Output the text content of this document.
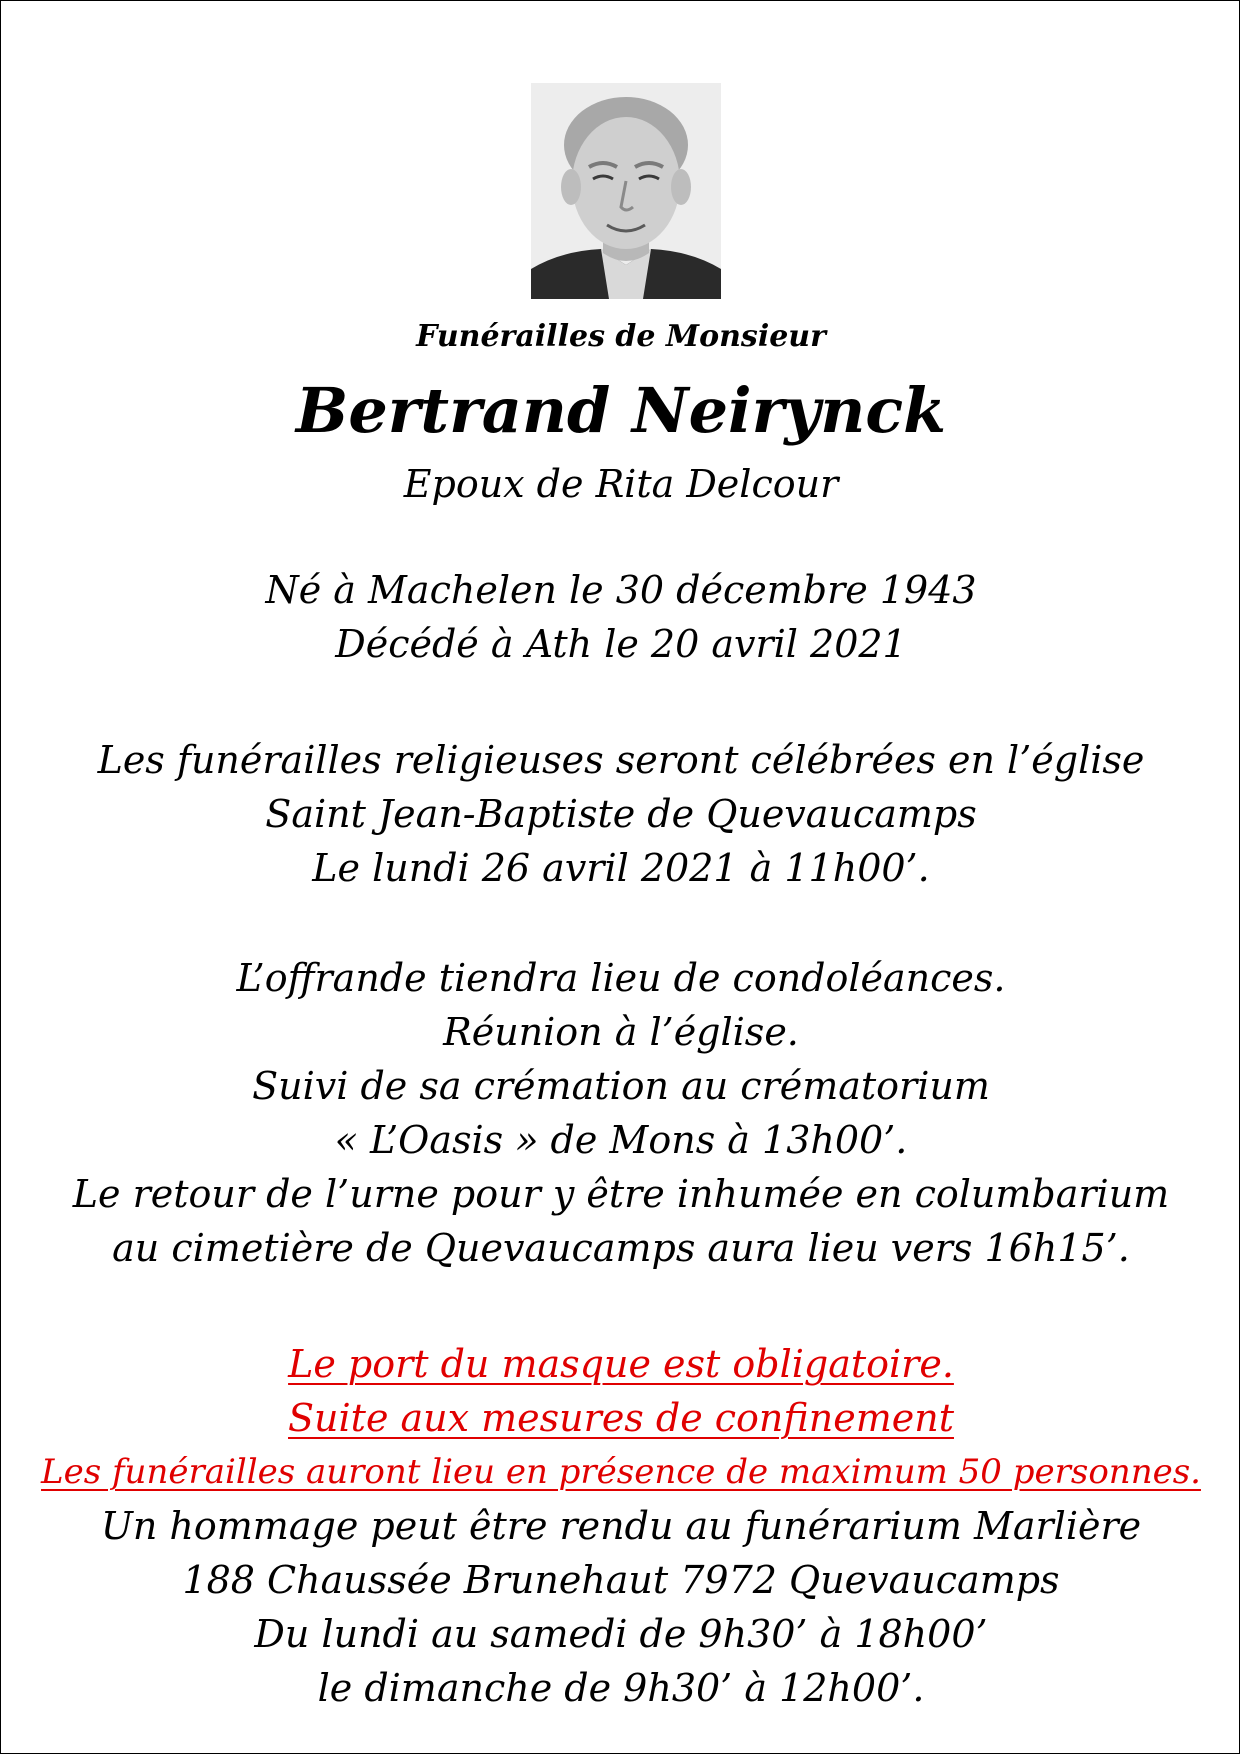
Funérailles de Monsieur
Bertrand Neirynck
Epoux de Rita Delcour
Né à Machelen le 30 décembre 1943
Décédé à Ath le 20 avril 2021
Les funérailles religieuses seront célébrées en l’église
Saint Jean-Baptiste de Quevaucamps
Le lundi 26 avril 2021 à 11h00’.
L’offrande tiendra lieu de condoléances.
Réunion à l’église.
Suivi de sa crémation au crématorium
« L’Oasis » de Mons à 13h00’.
Le retour de l’urne pour y être inhumée en columbarium
au cimetière de Quevaucamps aura lieu vers 16h15’.
Le port du masque est obligatoire.
Suite aux mesures de confinement
Les funérailles auront lieu en présence de maximum 50 personnes.
Un hommage peut être rendu au funérarium Marlière
188 Chaussée Brunehaut 7972 Quevaucamps
Du lundi au samedi de 9h30’ à 18h00’
le dimanche de 9h30’ à 12h00’.
